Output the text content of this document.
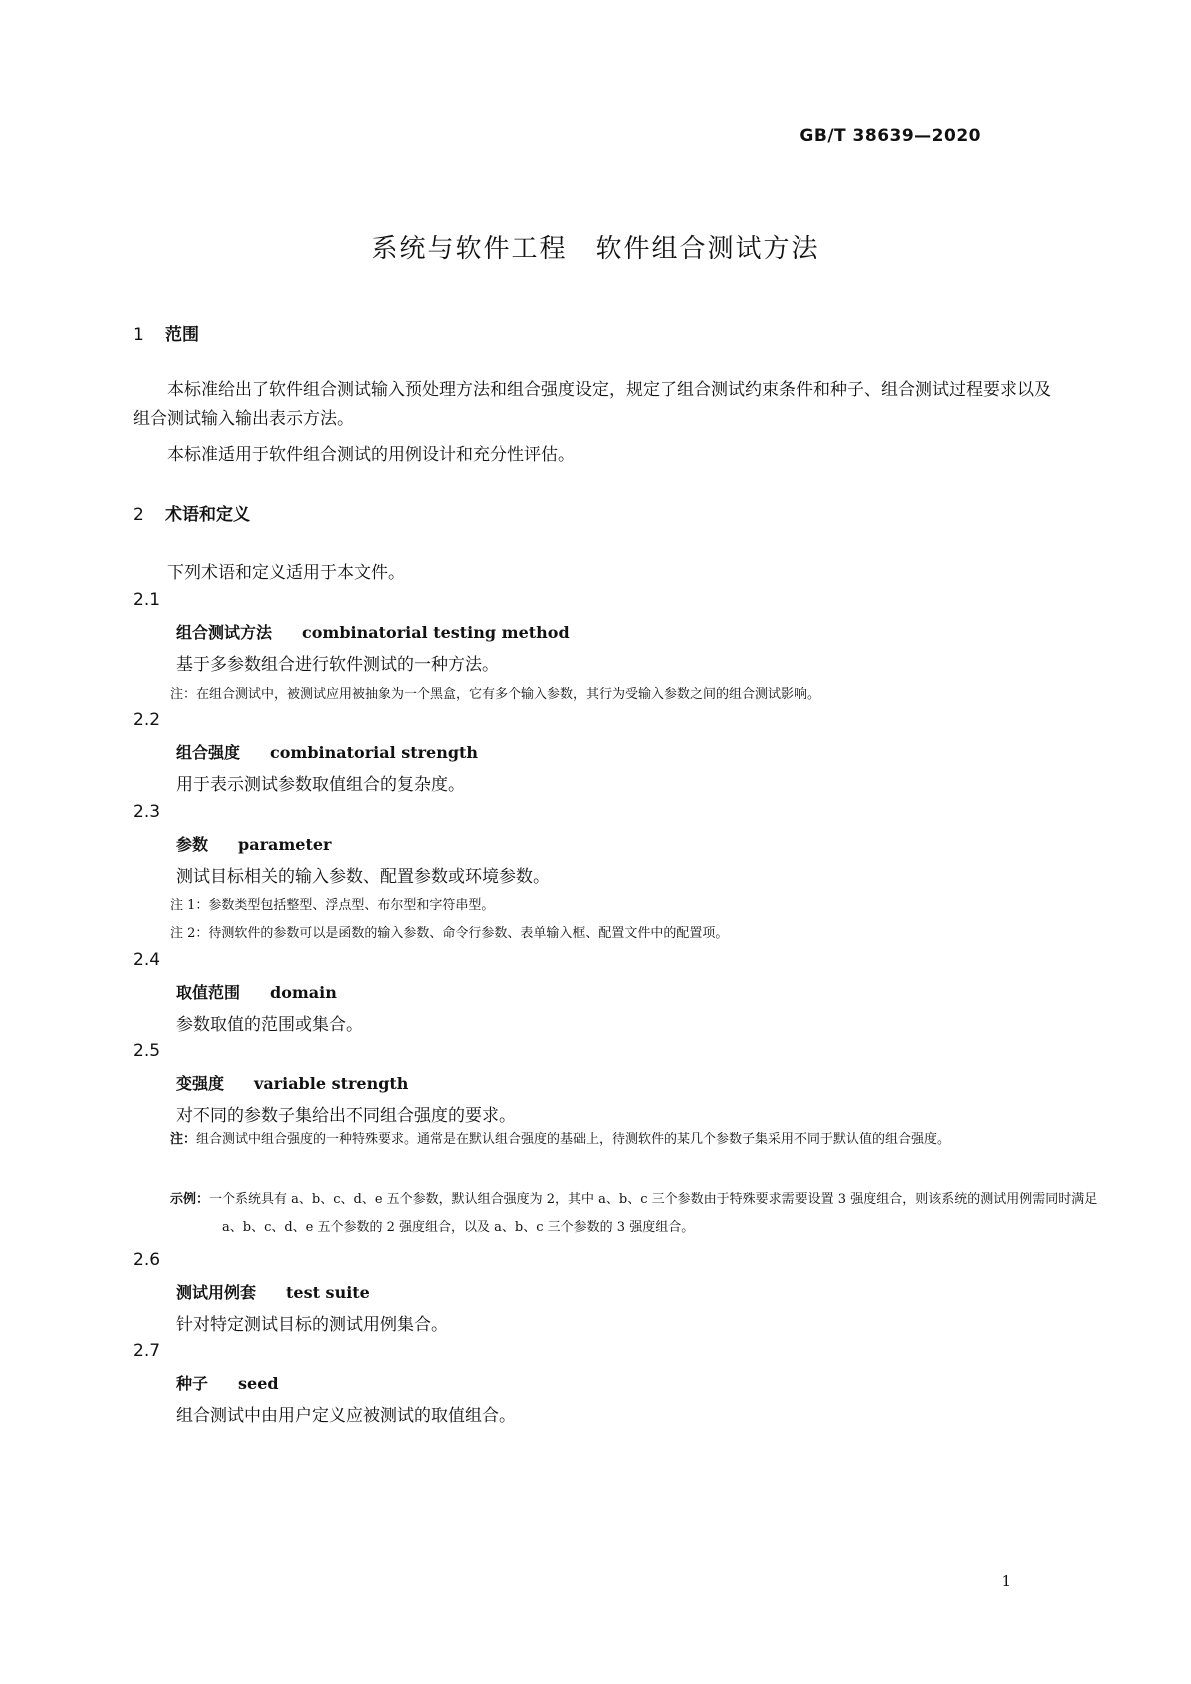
GB/T 38639—2020
系统与软件工程　软件组合测试方法
1 范围
本标准给出了软件组合测试输入预处理方法和组合强度设定，规定了组合测试约束条件和种子、组合测试过程要求以及组合测试输入输出表示方法。
本标准适用于软件组合测试的用例设计和充分性评估。
2 术语和定义
下列术语和定义适用于本文件。
2.1
组合测试方法 combinatorial testing method
基于多参数组合进行软件测试的一种方法。
注：在组合测试中，被测试应用被抽象为一个黑盒，它有多个输入参数，其行为受输入参数之间的组合测试影响。
2.2
组合强度 combinatorial strength
用于表示测试参数取值组合的复杂度。
2.3
参数 parameter
测试目标相关的输入参数、配置参数或环境参数。
注 1：参数类型包括整型、浮点型、布尔型和字符串型。
注 2：待测软件的参数可以是函数的输入参数、命令行参数、表单输入框、配置文件中的配置项。
2.4
取值范围 domain
参数取值的范围或集合。
2.5
变强度 variable strength
对不同的参数子集给出不同组合强度的要求。
注：组合测试中组合强度的一种特殊要求。通常是在默认组合强度的基础上，待测软件的某几个参数子集采用不同于默认值的组合强度。
示例：一个系统具有 a、b、c、d、e 五个参数，默认组合强度为 2，其中 a、b、c 三个参数由于特殊要求需要设置 3 强度组合，则该系统的测试用例需同时满足 a、b、c、d、e 五个参数的 2 强度组合，以及 a、b、c 三个参数的 3 强度组合。
2.6
测试用例套 test suite
针对特定测试目标的测试用例集合。
2.7
种子 seed
组合测试中由用户定义应被测试的取值组合。
1
